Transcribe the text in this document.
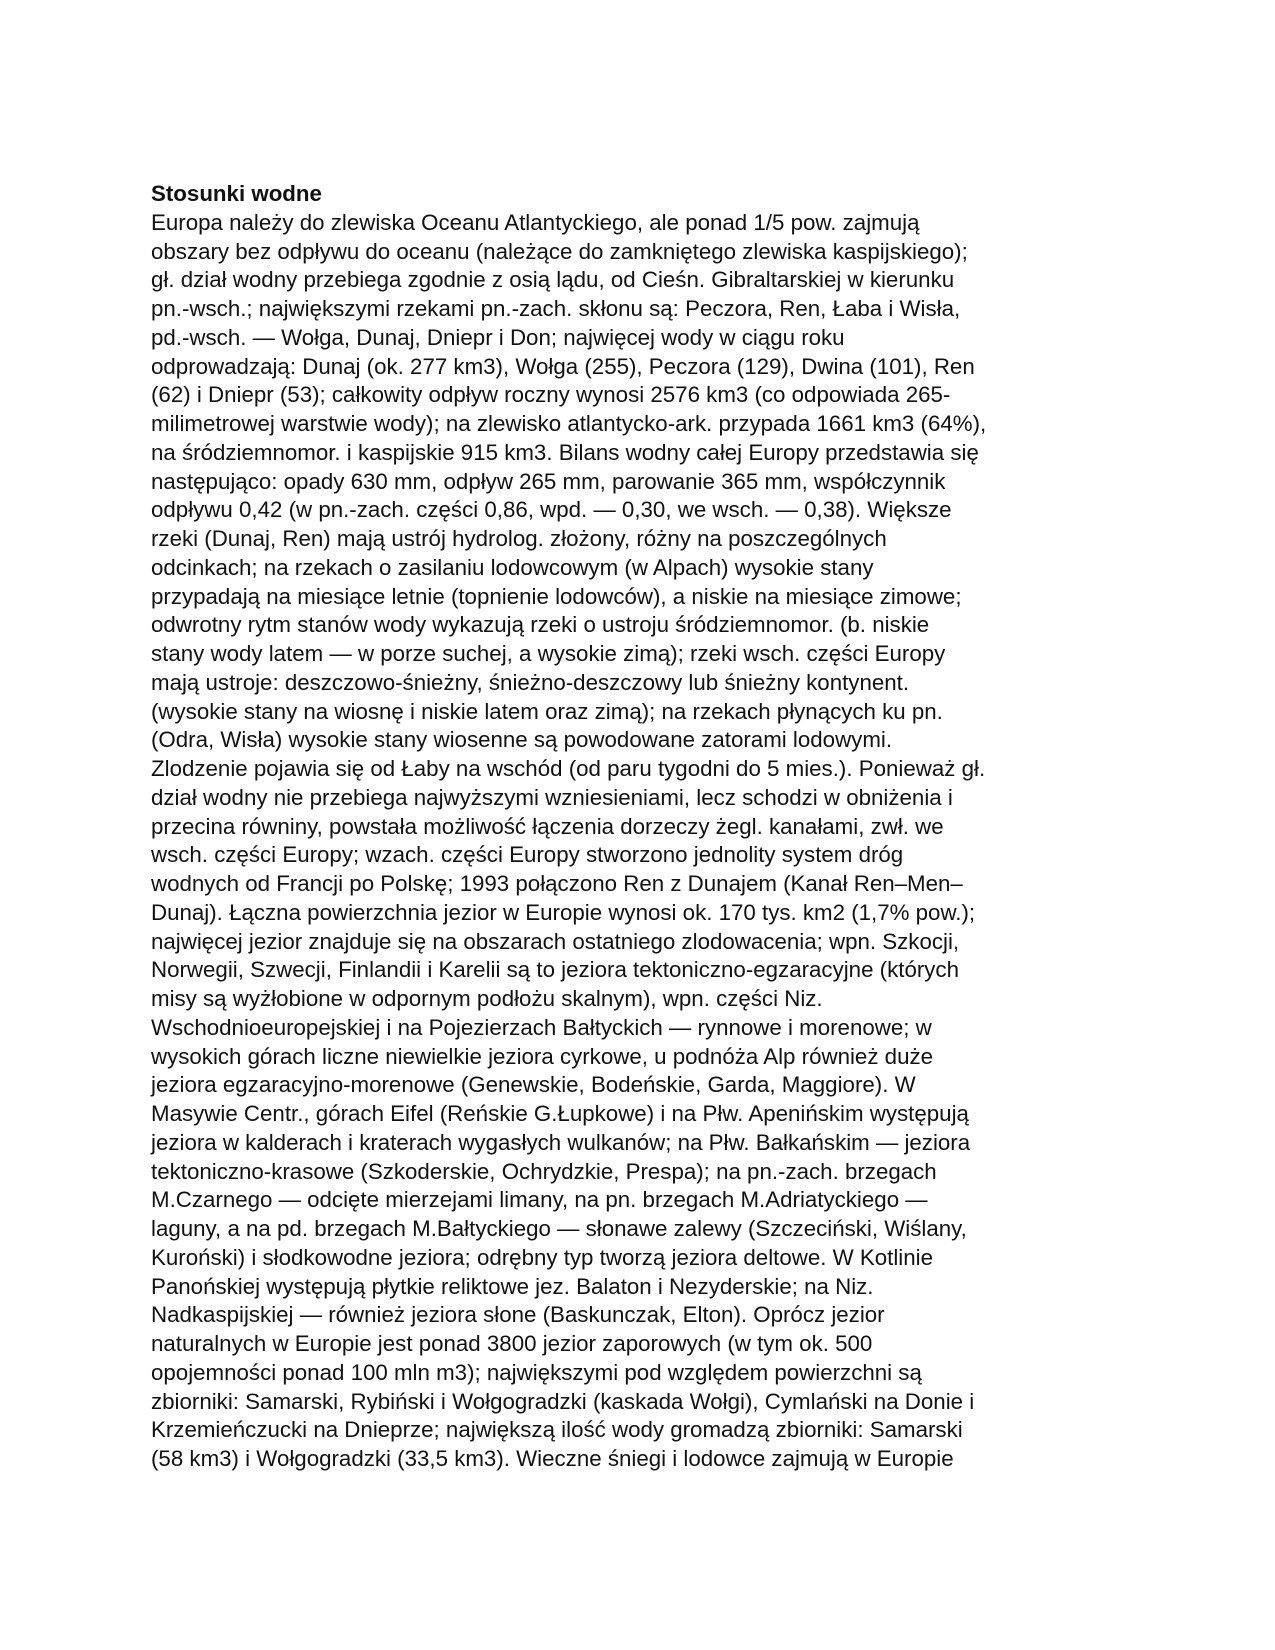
Stosunki wodne
Europa należy do zlewiska Oceanu Atlantyckiego, ale ponad 1/5 pow. zajmują
obszary bez odpływu do oceanu (należące do zamkniętego zlewiska kaspijskiego);
gł. dział wodny przebiega zgodnie z osią lądu, od Cieśn. Gibraltarskiej w kierunku
pn.-wsch.; największymi rzekami pn.-zach. skłonu są: Peczora, Ren, Łaba i Wisła,
pd.-wsch. — Wołga, Dunaj, Dniepr i Don; najwięcej wody w ciągu roku
odprowadzają: Dunaj (ok. 277 km3), Wołga (255), Peczora (129), Dwina (101), Ren
(62) i Dniepr (53); całkowity odpływ roczny wynosi 2576 km3 (co odpowiada 265-
milimetrowej warstwie wody); na zlewisko atlantycko-ark. przypada 1661 km3 (64%),
na śródziemnomor. i kaspijskie 915 km3. Bilans wodny całej Europy przedstawia się
następująco: opady 630 mm, odpływ 265 mm, parowanie 365 mm, współczynnik
odpływu 0,42 (w pn.-zach. części 0,86, wpd. — 0,30, we wsch. — 0,38). Większe
rzeki (Dunaj, Ren) mają ustrój hydrolog. złożony, różny na poszczególnych
odcinkach; na rzekach o zasilaniu lodowcowym (w Alpach) wysokie stany
przypadają na miesiące letnie (topnienie lodowców), a niskie na miesiące zimowe;
odwrotny rytm stanów wody wykazują rzeki o ustroju śródziemnomor. (b. niskie
stany wody latem — w porze suchej, a wysokie zimą); rzeki wsch. części Europy
mają ustroje: deszczowo-śnieżny, śnieżno-deszczowy lub śnieżny kontynent.
(wysokie stany na wiosnę i niskie latem oraz zimą); na rzekach płynących ku pn.
(Odra, Wisła) wysokie stany wiosenne są powodowane zatorami lodowymi.
Zlodzenie pojawia się od Łaby na wschód (od paru tygodni do 5 mies.). Ponieważ gł.
dział wodny nie przebiega najwyższymi wzniesieniami, lecz schodzi w obniżenia i
przecina równiny, powstała możliwość łączenia dorzeczy żegl. kanałami, zwł. we
wsch. części Europy; wzach. części Europy stworzono jednolity system dróg
wodnych od Francji po Polskę; 1993 połączono Ren z Dunajem (Kanał Ren–Men–
Dunaj). Łączna powierzchnia jezior w Europie wynosi ok. 170 tys. km2 (1,7% pow.);
najwięcej jezior znajduje się na obszarach ostatniego zlodowacenia; wpn. Szkocji,
Norwegii, Szwecji, Finlandii i Karelii są to jeziora tektoniczno-egzaracyjne (których
misy są wyżłobione w odpornym podłożu skalnym), wpn. części Niz.
Wschodnioeuropejskiej i na Pojezierzach Bałtyckich — rynnowe i morenowe; w
wysokich górach liczne niewielkie jeziora cyrkowe, u podnóża Alp również duże
jeziora egzaracyjno-morenowe (Genewskie, Bodeńskie, Garda, Maggiore). W
Masywie Centr., górach Eifel (Reńskie G.Łupkowe) i na Płw. Apenińskim występują
jeziora w kalderach i kraterach wygasłych wulkanów; na Płw. Bałkańskim — jeziora
tektoniczno-krasowe (Szkoderskie, Ochrydzkie, Prespa); na pn.-zach. brzegach
M.Czarnego — odcięte mierzejami limany, na pn. brzegach M.Adriatyckiego —
laguny, a na pd. brzegach M.Bałtyckiego — słonawe zalewy (Szczeciński, Wiślany,
Kuroński) i słodkowodne jeziora; odrębny typ tworzą jeziora deltowe. W Kotlinie
Panońskiej występują płytkie reliktowe jez. Balaton i Nezyderskie; na Niz.
Nadkaspijskiej — również jeziora słone (Baskunczak, Elton). Oprócz jezior
naturalnych w Europie jest ponad 3800 jezior zaporowych (w tym ok. 500
opojemności ponad 100 mln m3); największymi pod względem powierzchni są
zbiorniki: Samarski, Rybiński i Wołgogradzki (kaskada Wołgi), Cymlański na Donie i
Krzemieńczucki na Dnieprze; największą ilość wody gromadzą zbiorniki: Samarski
(58 km3) i Wołgogradzki (33,5 km3). Wieczne śniegi i lodowce zajmują w Europie
